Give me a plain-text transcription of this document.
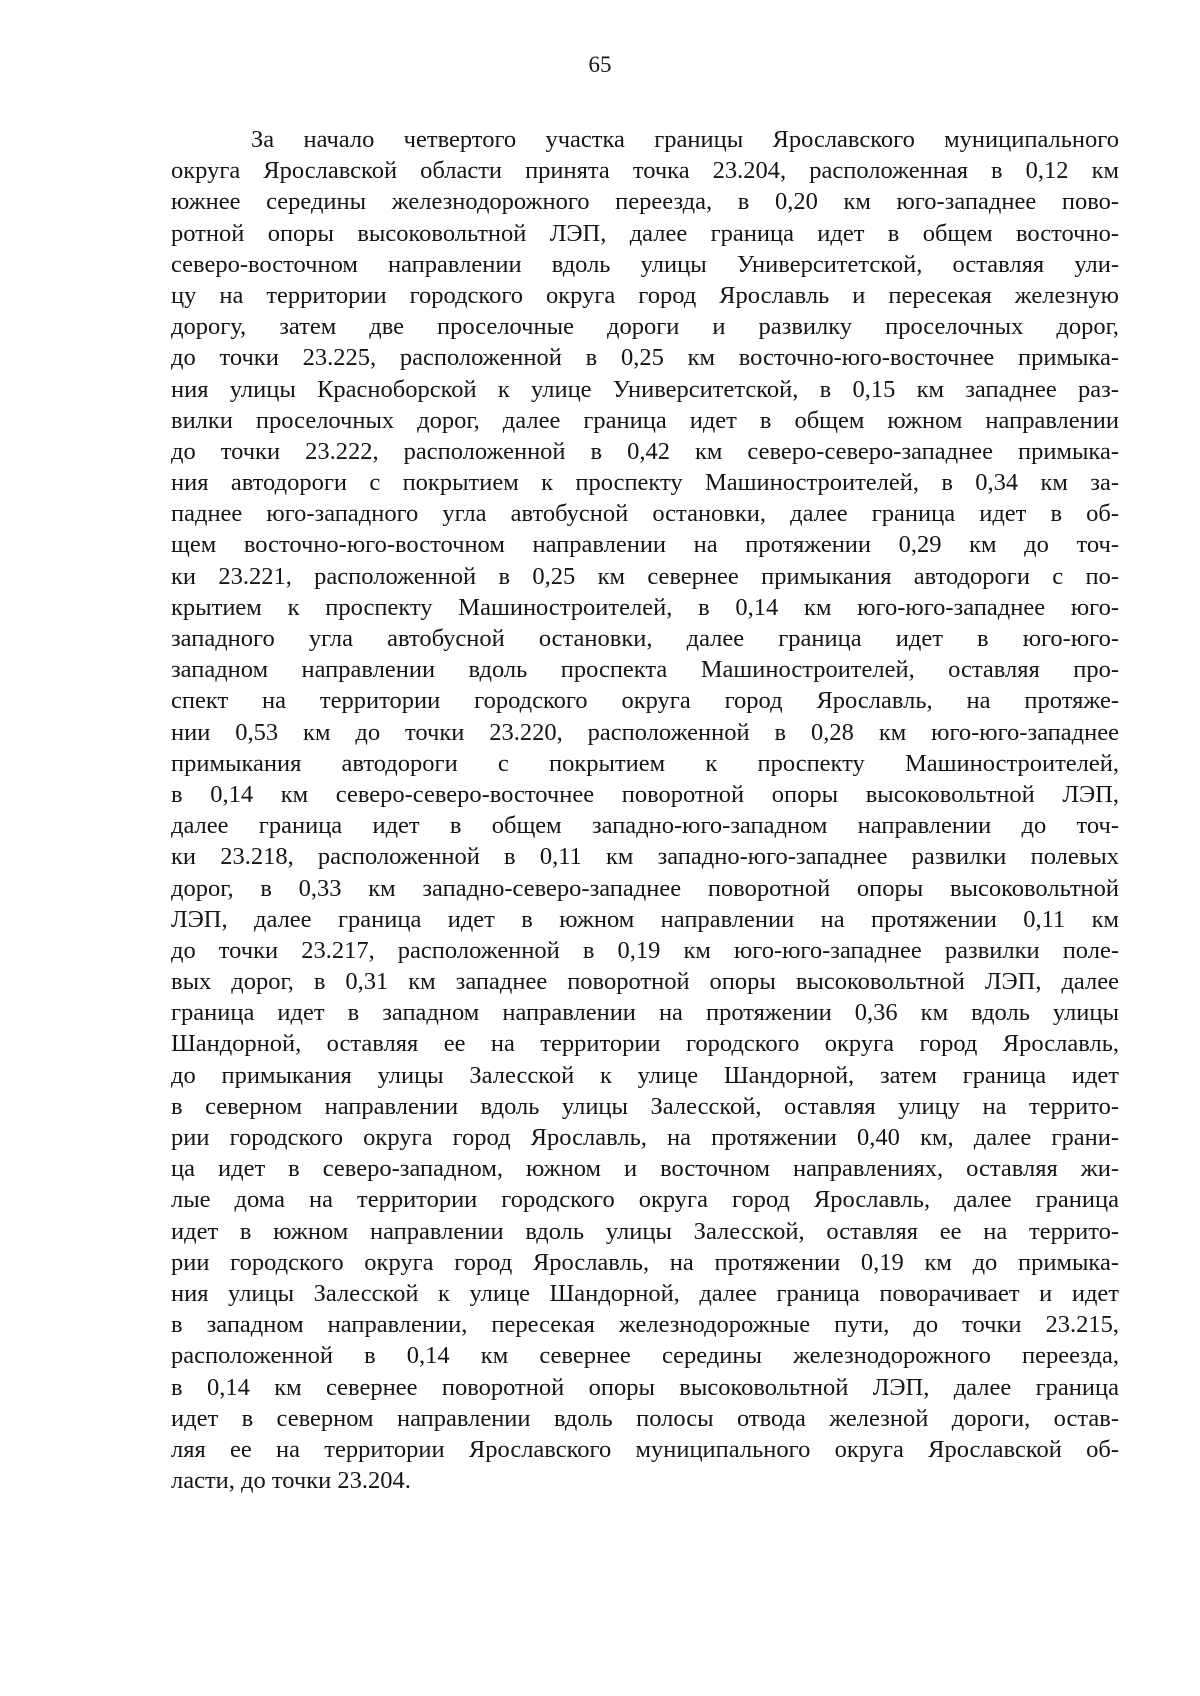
65
За начало четвертого участка границы Ярославского муниципального
округа Ярославской области принята точка 23.204, расположенная в 0,12 км
южнее середины железнодорожного переезда, в 0,20 км юго-западнее пово-
ротной опоры высоковольтной ЛЭП, далее граница идет в общем восточно-
северо-восточном направлении вдоль улицы Университетской, оставляя ули-
цу на территории городского округа город Ярославль и пересекая железную
дорогу, затем две проселочные дороги и развилку проселочных дорог,
до точки 23.225, расположенной в 0,25 км восточно-юго-восточнее примыка-
ния улицы Красноборской к улице Университетской, в 0,15 км западнее раз-
вилки проселочных дорог, далее граница идет в общем южном направлении
до точки 23.222, расположенной в 0,42 км северо-северо-западнее примыка-
ния автодороги с покрытием к проспекту Машиностроителей, в 0,34 км за-
паднее юго-западного угла автобусной остановки, далее граница идет в об-
щем восточно-юго-восточном направлении на протяжении 0,29 км до точ-
ки 23.221, расположенной в 0,25 км севернее примыкания автодороги с по-
крытием к проспекту Машиностроителей, в 0,14 км юго-юго-западнее юго-
западного угла автобусной остановки, далее граница идет в юго-юго-
западном направлении вдоль проспекта Машиностроителей, оставляя про-
спект на территории городского округа город Ярославль, на протяже-
нии 0,53 км до точки 23.220, расположенной в 0,28 км юго-юго-западнее
примыкания автодороги с покрытием к проспекту Машиностроителей,
в 0,14 км северо-северо-восточнее поворотной опоры высоковольтной ЛЭП,
далее граница идет в общем западно-юго-западном направлении до точ-
ки 23.218, расположенной в 0,11 км западно-юго-западнее развилки полевых
дорог, в 0,33 км западно-северо-западнее поворотной опоры высоковольтной
ЛЭП, далее граница идет в южном направлении на протяжении 0,11 км
до точки 23.217, расположенной в 0,19 км юго-юго-западнее развилки поле-
вых дорог, в 0,31 км западнее поворотной опоры высоковольтной ЛЭП, далее
граница идет в западном направлении на протяжении 0,36 км вдоль улицы
Шандорной, оставляя ее на территории городского округа город Ярославль,
до примыкания улицы Залесской к улице Шандорной, затем граница идет
в северном направлении вдоль улицы Залесской, оставляя улицу на террито-
рии городского округа город Ярославль, на протяжении 0,40 км, далее грани-
ца идет в северо-западном, южном и восточном направлениях, оставляя жи-
лые дома на территории городского округа город Ярославль, далее граница
идет в южном направлении вдоль улицы Залесской, оставляя ее на террито-
рии городского округа город Ярославль, на протяжении 0,19 км до примыка-
ния улицы Залесской к улице Шандорной, далее граница поворачивает и идет
в западном направлении, пересекая железнодорожные пути, до точки 23.215,
расположенной в 0,14 км севернее середины железнодорожного переезда,
в 0,14 км севернее поворотной опоры высоковольтной ЛЭП, далее граница
идет в северном направлении вдоль полосы отвода железной дороги, остав-
ляя ее на территории Ярославского муниципального округа Ярославской об-
ласти, до точки 23.204.
